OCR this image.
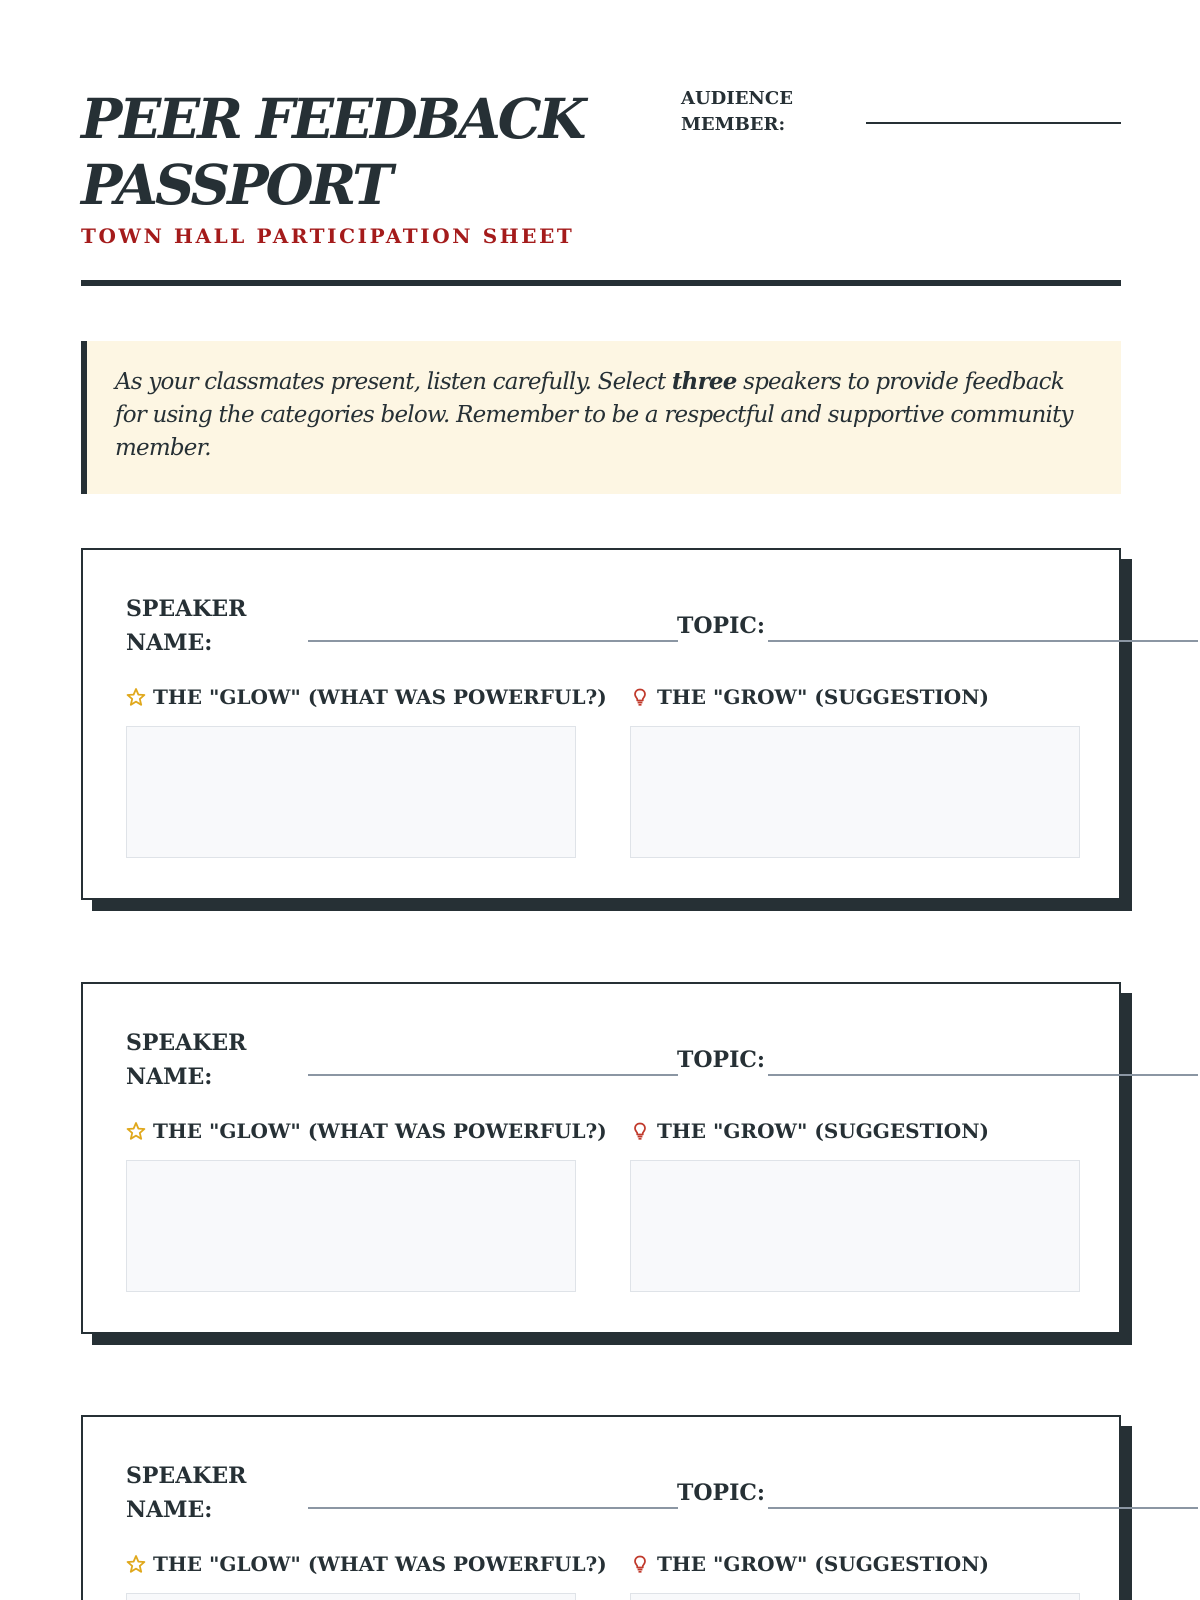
PEER FEEDBACK
PASSPORT
TOWN HALL PARTICIPATION SHEET
AUDIENCE
MEMBER:
As your classmates present, listen carefully. Select three speakers to provide feedback for using the categories below. Remember to be a respectful and supportive community member.
SPEAKER
NAME:
TOPIC:
THE "GLOW" (WHAT WAS POWERFUL?)	THE "GROW" (SUGGESTION)
SPEAKER
NAME:
TOPIC:
THE "GLOW" (WHAT WAS POWERFUL?)	THE "GROW" (SUGGESTION)
SPEAKER
NAME:
TOPIC:
THE "GLOW" (WHAT WAS POWERFUL?)	THE "GROW" (SUGGESTION)
